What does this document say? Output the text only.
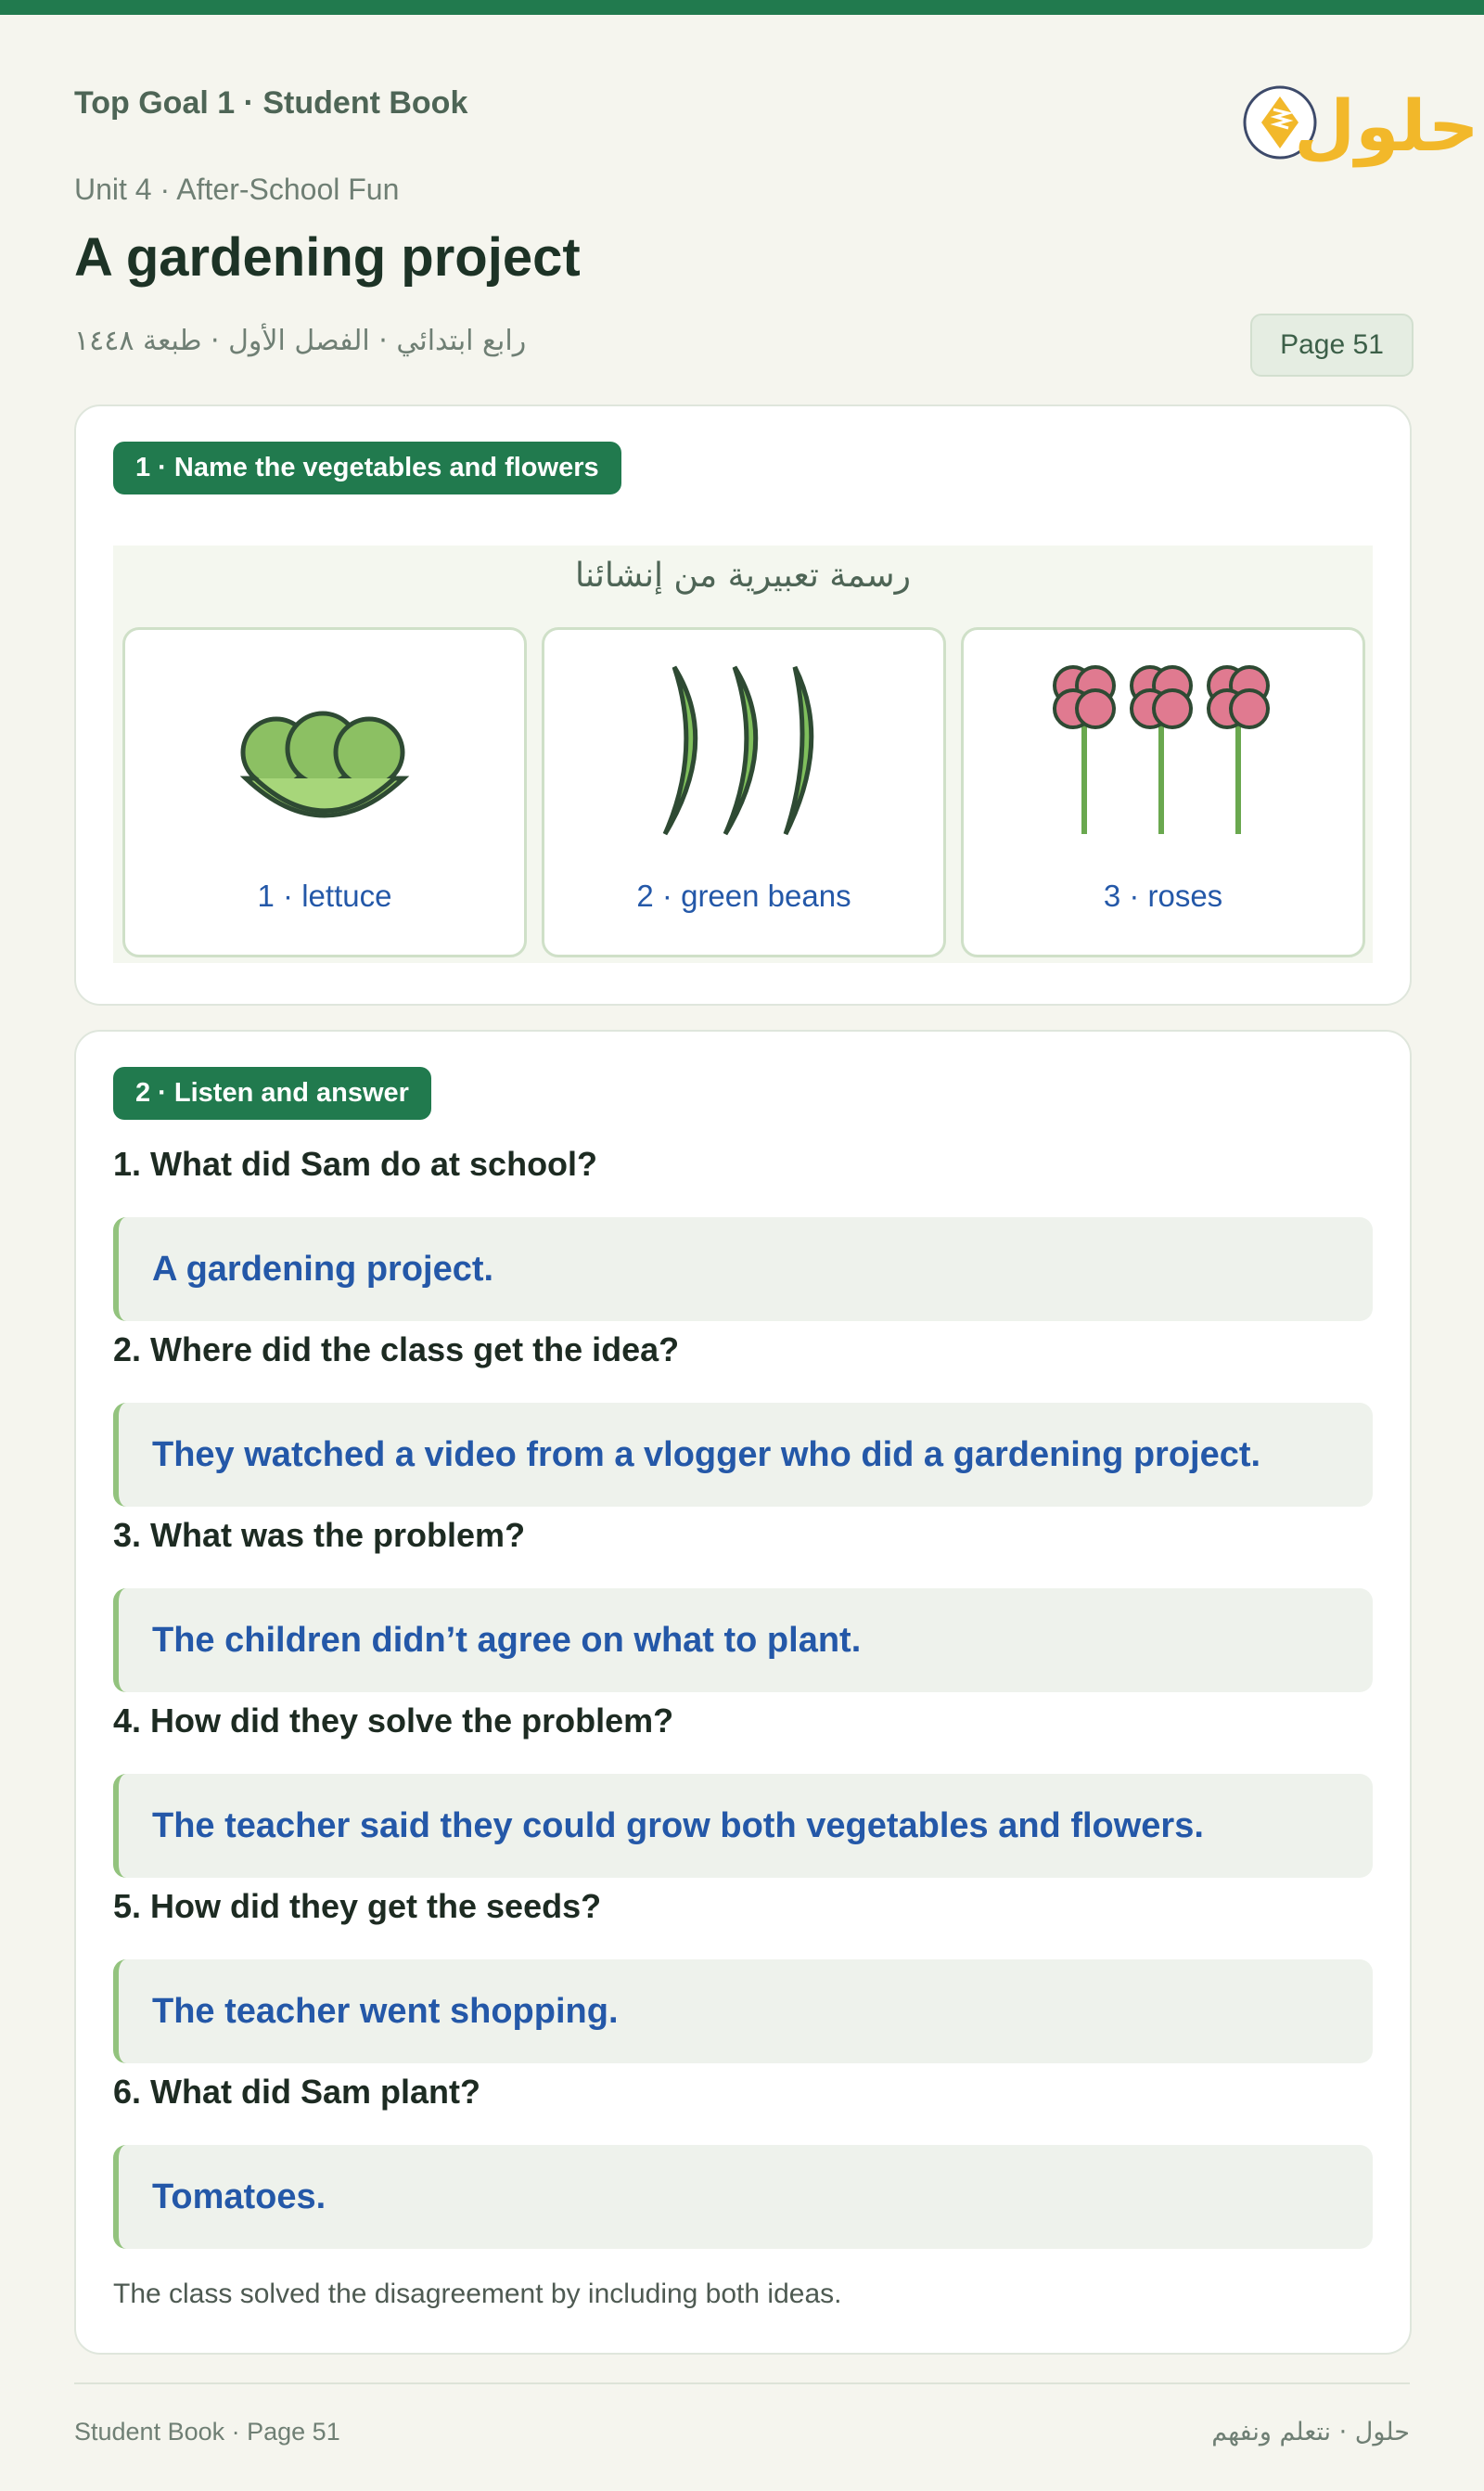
Top Goal 1 · Student Book	حلول
Unit 4 · After-School Fun
A gardening project
رابع ابتدائي · الفصل الأول · طبعة ١٤٤٨	Page 51
1 · Name the vegetables and flowers
رسمة تعبيرية من إنشائنا
1 · lettuce	2 · green beans	3 · roses
2 · Listen and answer
1. What did Sam do at school?
A gardening project.
2. Where did the class get the idea?
They watched a video from a vlogger who did a gardening project.
3. What was the problem?
The children didn’t agree on what to plant.
4. How did they solve the problem?
The teacher said they could grow both vegetables and flowers.
5. How did they get the seeds?
The teacher went shopping.
6. What did Sam plant?
Tomatoes.
The class solved the disagreement by including both ideas.
Student Book · Page 51	حلول · نتعلم ونفهم
